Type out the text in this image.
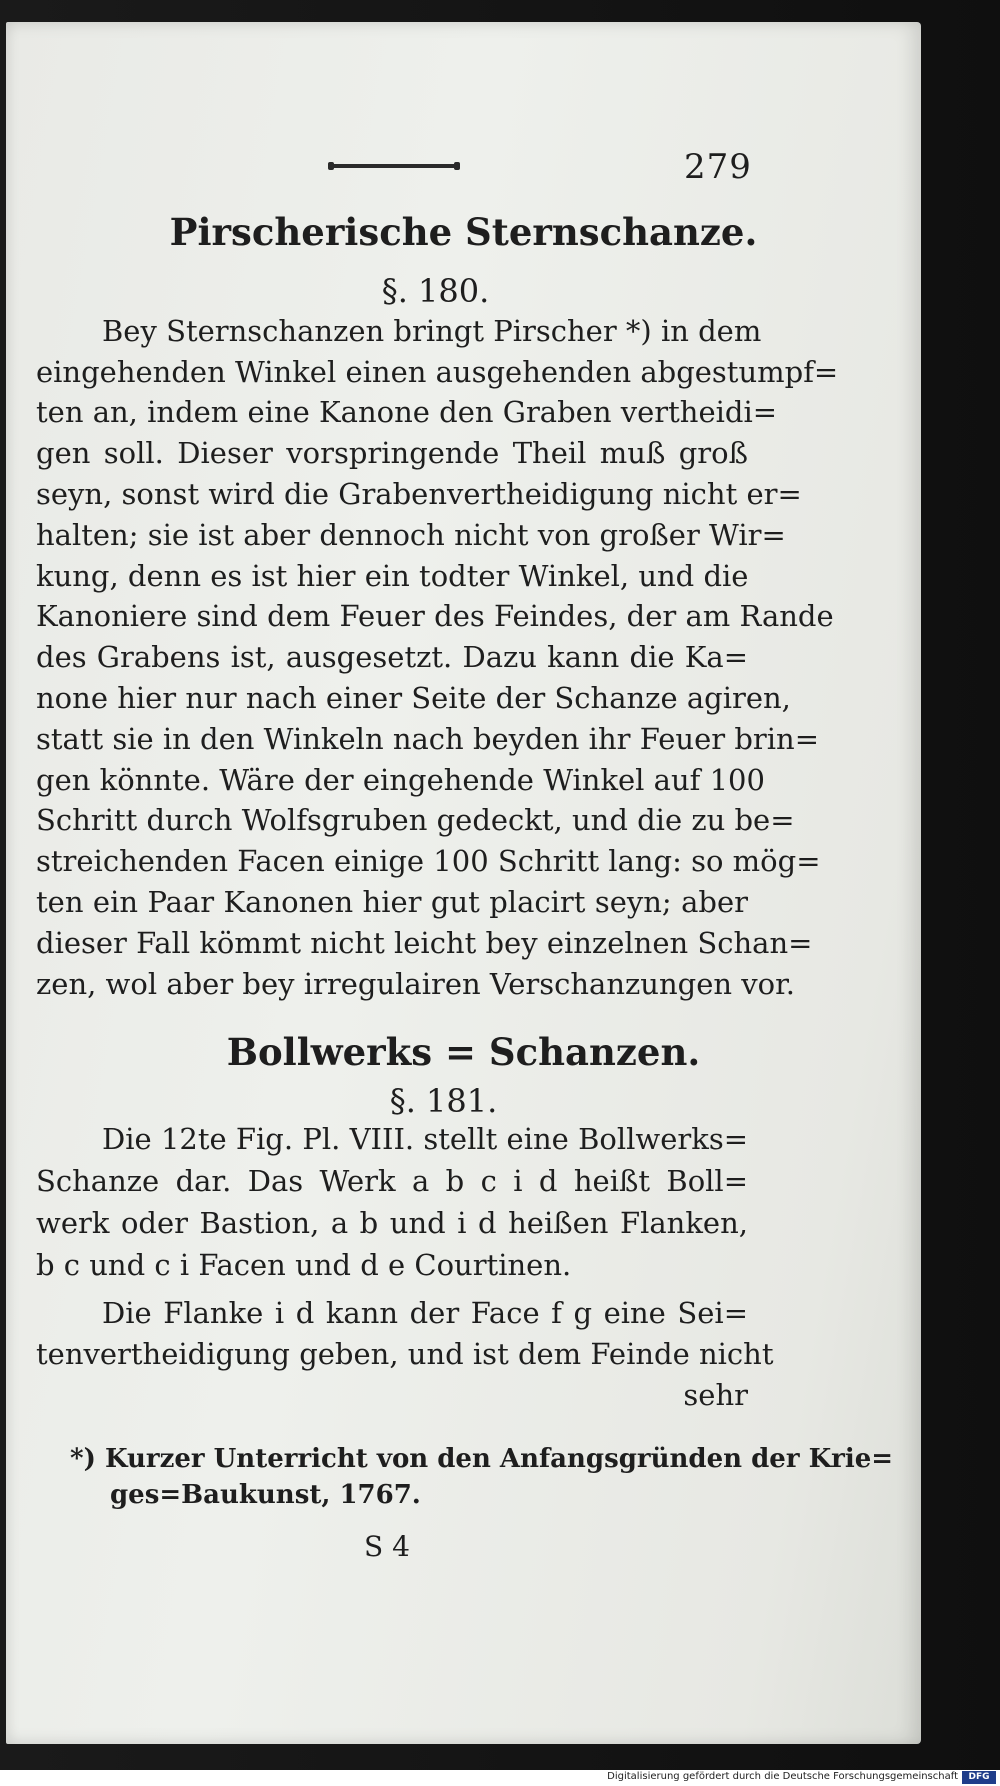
279
Pirscherische Sternschanze.
§. 180.
Bey Sternschanzen bringt Pirscher *) in dem
eingehenden Winkel einen ausgehenden abgestumpf=
ten an, indem eine Kanone den Graben vertheidi=
gen soll. Dieser vorspringende Theil muß groß
seyn, sonst wird die Grabenvertheidigung nicht er=
halten; sie ist aber dennoch nicht von großer Wir=
kung, denn es ist hier ein todter Winkel, und die
Kanoniere sind dem Feuer des Feindes, der am Rande
des Grabens ist, ausgesetzt. Dazu kann die Ka=
none hier nur nach einer Seite der Schanze agiren,
statt sie in den Winkeln nach beyden ihr Feuer brin=
gen könnte. Wäre der eingehende Winkel auf 100
Schritt durch Wolfsgruben gedeckt, und die zu be=
streichenden Facen einige 100 Schritt lang: so mög=
ten ein Paar Kanonen hier gut placirt seyn; aber
dieser Fall kömmt nicht leicht bey einzelnen Schan=
zen, wol aber bey irregulairen Verschanzungen vor.
Bollwerks = Schanzen.
§. 181.
Die 12te Fig. Pl. VIII. stellt eine Bollwerks=
Schanze dar. Das Werk a b c i d heißt Boll=
werk oder Bastion, a b und i d heißen Flanken,
b c und c i Facen und d e Courtinen.
Die Flanke i d kann der Face f g eine Sei=
tenvertheidigung geben, und ist dem Feinde nicht
sehr
*) Kurzer Unterricht von den Anfangsgründen der Krie=
ges=Baukunst, 1767.
S 4
Digitalisierung gefördert durch die Deutsche Forschungsgemeinschaft	DFG
